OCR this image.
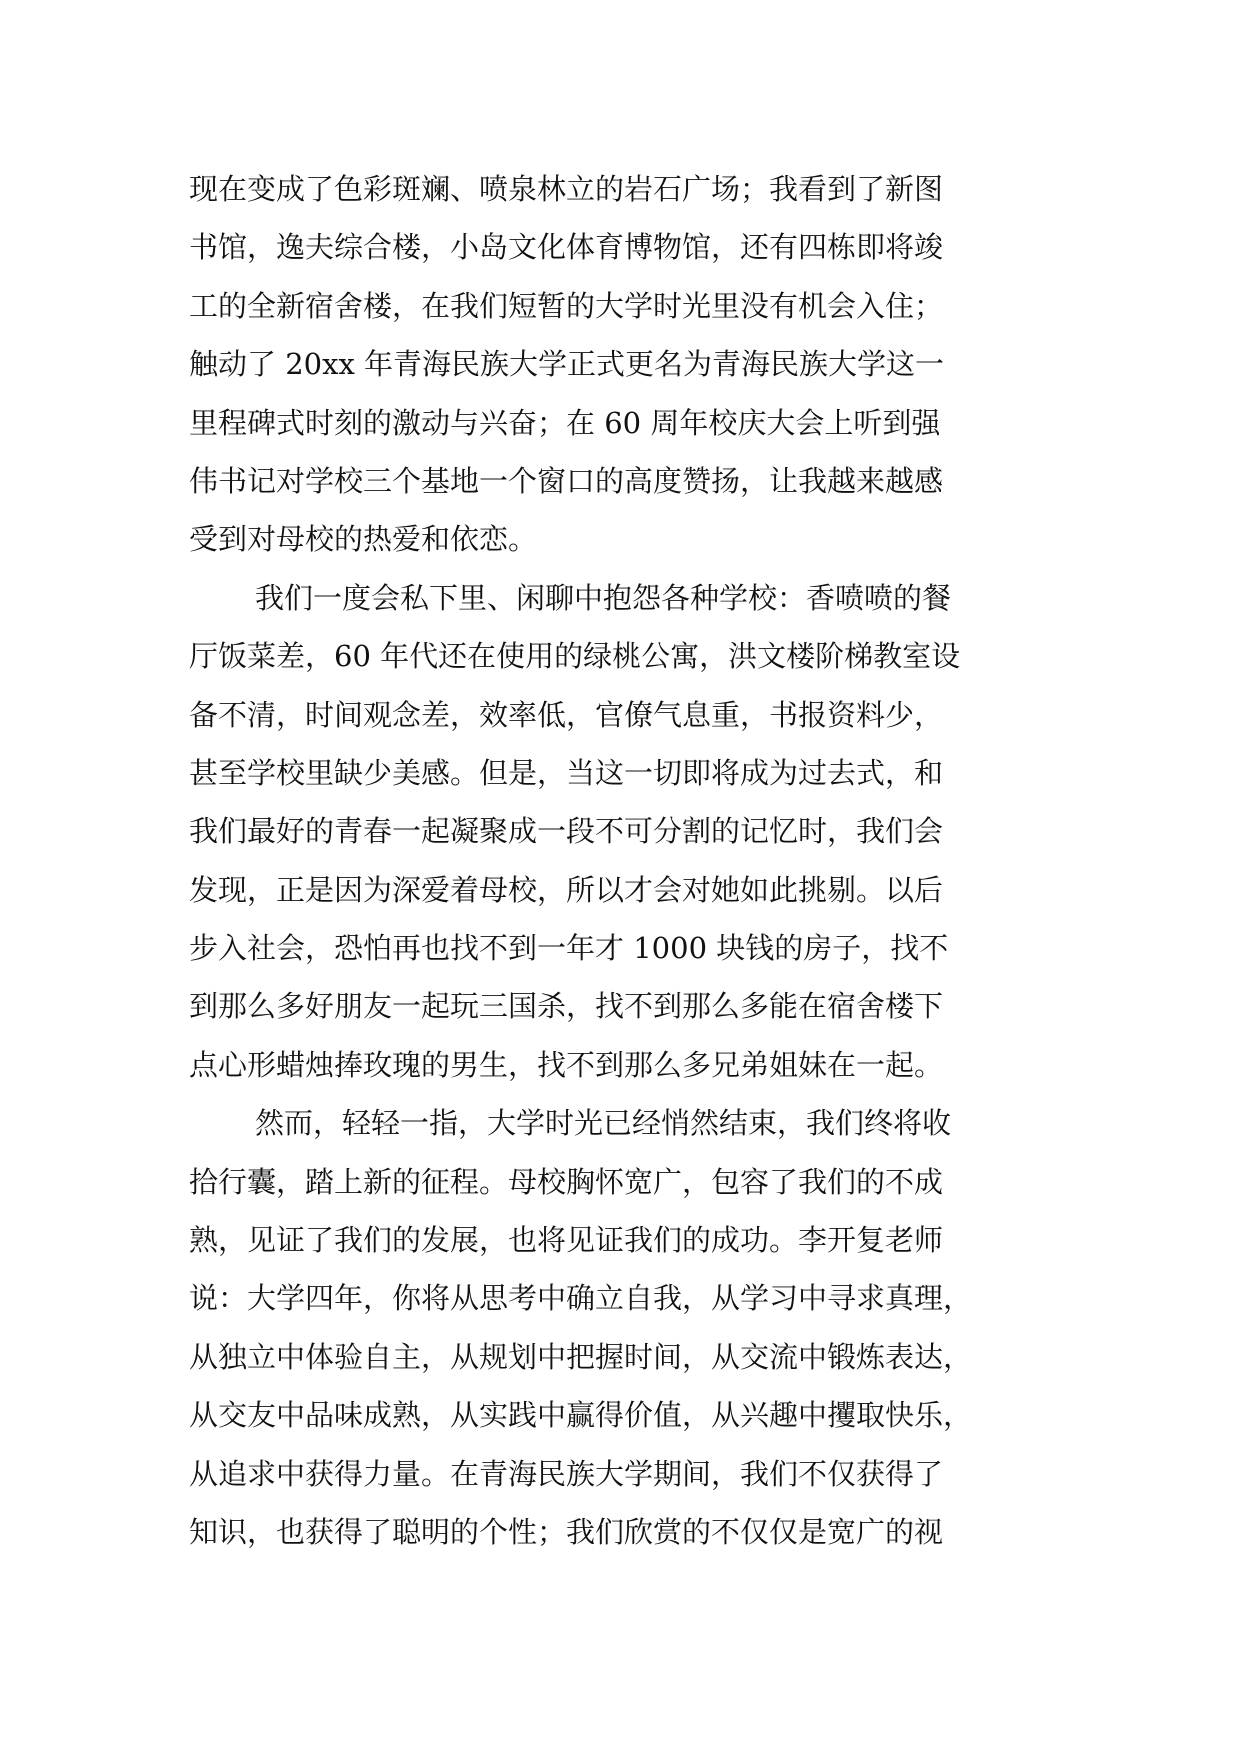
现在变成了色彩斑斓、喷泉林立的岩石广场；我看到了新图
书馆，逸夫综合楼，小岛文化体育博物馆，还有四栋即将竣
工的全新宿舍楼，在我们短暂的大学时光里没有机会入住；
触动了 20xx 年青海民族大学正式更名为青海民族大学这一
里程碑式时刻的激动与兴奋；在 60 周年校庆大会上听到强
伟书记对学校三个基地一个窗口的高度赞扬，让我越来越感
受到对母校的热爱和依恋。
我们一度会私下里、闲聊中抱怨各种学校：香喷喷的餐
厅饭菜差，60 年代还在使用的绿桃公寓，洪文楼阶梯教室设
备不清，时间观念差，效率低，官僚气息重，书报资料少，
甚至学校里缺少美感。但是，当这一切即将成为过去式，和
我们最好的青春一起凝聚成一段不可分割的记忆时，我们会
发现，正是因为深爱着母校，所以才会对她如此挑剔。以后
步入社会，恐怕再也找不到一年才 1000 块钱的房子，找不
到那么多好朋友一起玩三国杀，找不到那么多能在宿舍楼下
点心形蜡烛捧玫瑰的男生，找不到那么多兄弟姐妹在一起。
然而，轻轻一指，大学时光已经悄然结束，我们终将收
拾行囊，踏上新的征程。母校胸怀宽广，包容了我们的不成
熟，见证了我们的发展，也将见证我们的成功。李开复老师
说：大学四年，你将从思考中确立自我，从学习中寻求真理，
从独立中体验自主，从规划中把握时间，从交流中锻炼表达，
从交友中品味成熟，从实践中赢得价值，从兴趣中攫取快乐，
从追求中获得力量。在青海民族大学期间，我们不仅获得了
知识，也获得了聪明的个性；我们欣赏的不仅仅是宽广的视
